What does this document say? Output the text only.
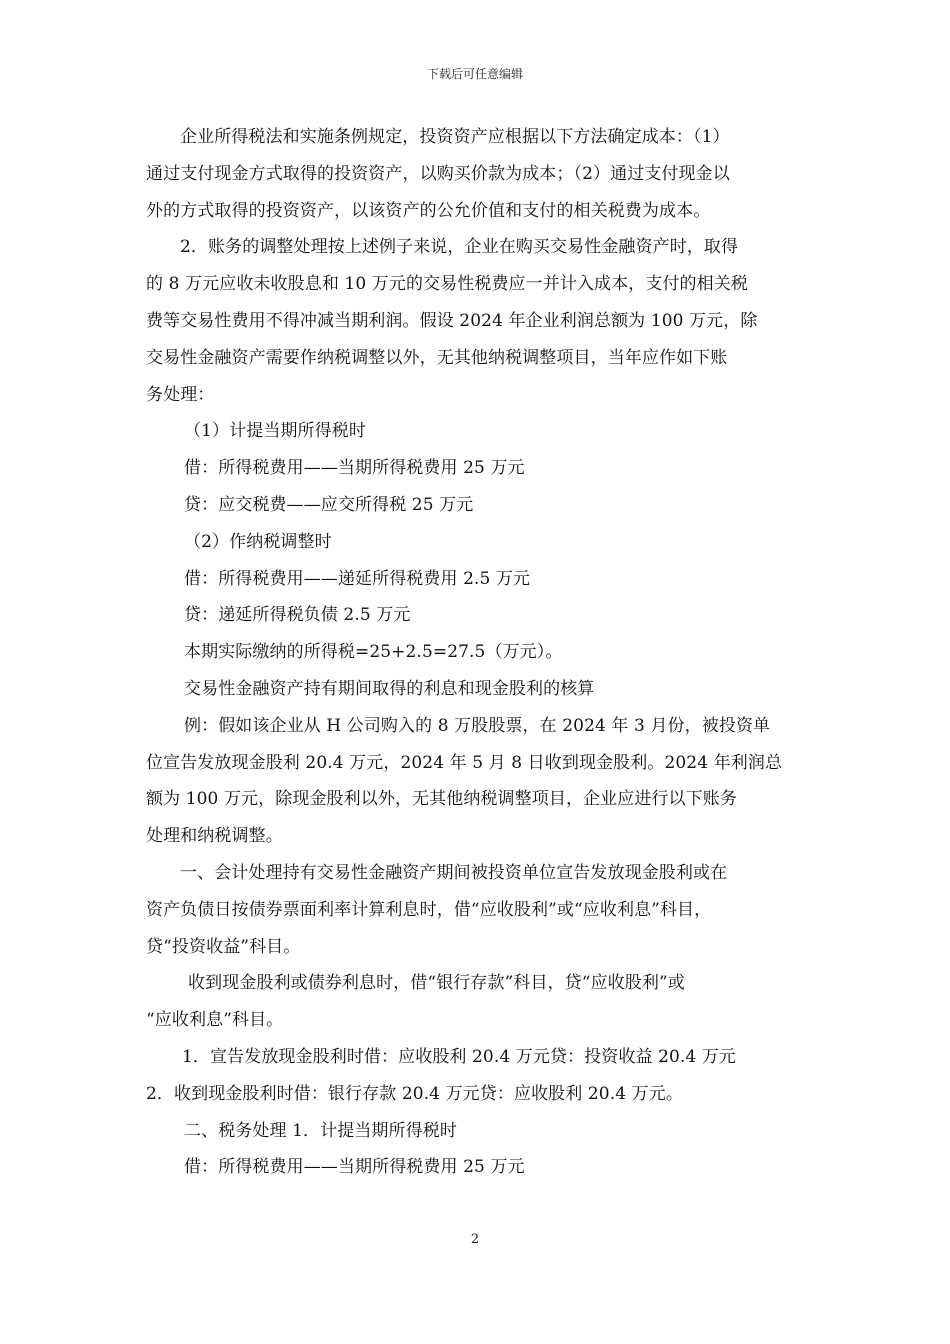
下载后可任意编辑

企业所得税法和实施条例规定，投资资产应根据以下方法确定成本：（1）

通过支付现金方式取得的投资资产，以购买价款为成本；（2）通过支付现金以

外的方式取得的投资资产，以该资产的公允价值和支付的相关税费为成本。

2．账务的调整处理按上述例子来说，企业在购买交易性金融资产时，取得

的 8 万元应收未收股息和 10 万元的交易性税费应一并计入成本，支付的相关税

费等交易性费用不得冲减当期利润。假设 2024 年企业利润总额为 100 万元，除

交易性金融资产需要作纳税调整以外，无其他纳税调整项目，当年应作如下账

务处理：

（1）计提当期所得税时

借：所得税费用——当期所得税费用 25 万元

贷：应交税费——应交所得税 25 万元

（2）作纳税调整时

借：所得税费用——递延所得税费用 2.5 万元

贷：递延所得税负债 2.5 万元

本期实际缴纳的所得税=25+2.5=27.5（万元）。

交易性金融资产持有期间取得的利息和现金股利的核算

例：假如该企业从 H 公司购入的 8 万股股票，在 2024 年 3 月份，被投资单

位宣告发放现金股利 20.4 万元，2024 年 5 月 8 日收到现金股利。2024 年利润总

额为 100 万元，除现金股利以外，无其他纳税调整项目，企业应进行以下账务

处理和纳税调整。

一、会计处理持有交易性金融资产期间被投资单位宣告发放现金股利或在

资产负债日按债券票面利率计算利息时，借“应收股利”或“应收利息”科目，

贷“投资收益”科目。

收到现金股利或债券利息时，借“银行存款”科目，贷“应收股利”或

“应收利息”科目。

1．宣告发放现金股利时借：应收股利 20.4 万元贷：投资收益 20.4 万元

2．收到现金股利时借：银行存款 20.4 万元贷：应收股利 20.4 万元。

二、税务处理 1．计提当期所得税时

借：所得税费用——当期所得税费用 25 万元

2
